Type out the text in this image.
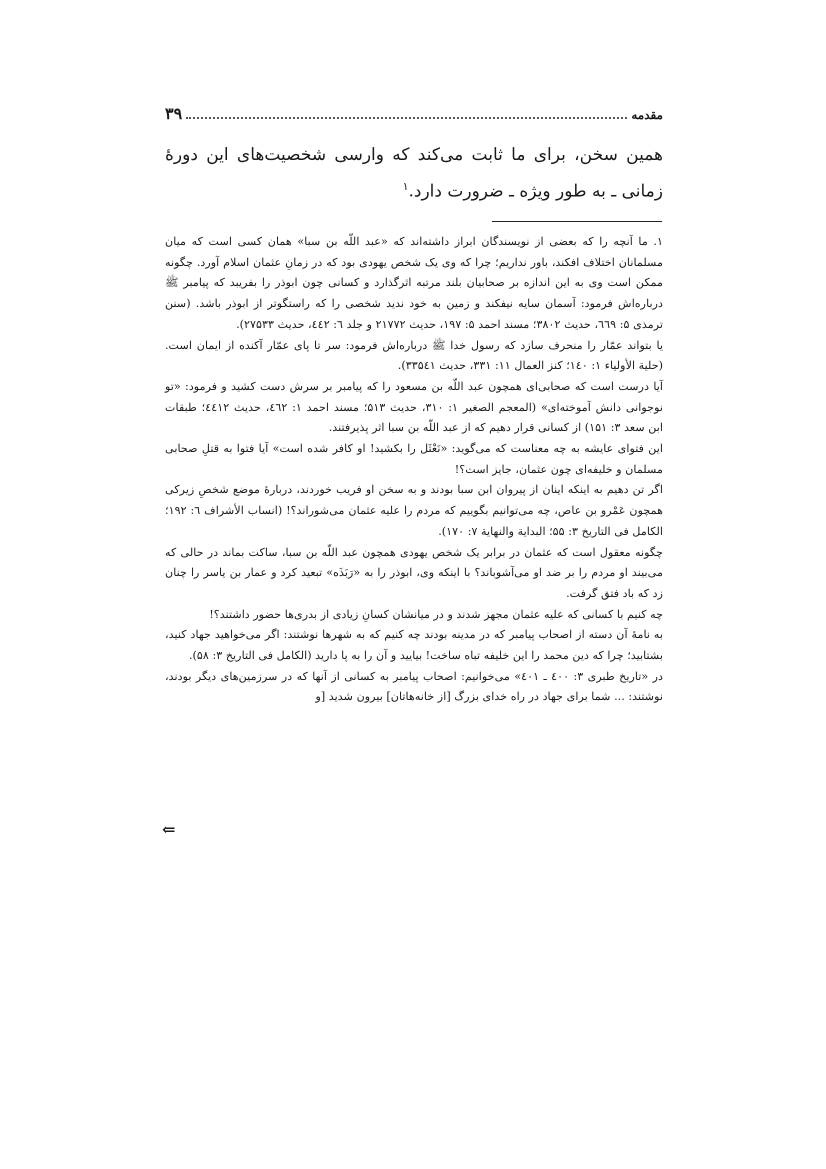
مقدمه
۳۹

همین سخن، برای ما ثابت می‌کند که وارسی شخصیت‌های این دورهٔ زمانی ـ به طور ویژه ـ ضرورت دارد.$^۱$

۱. ما آنچه را که بعضی از نویسندگان ابراز داشته‌اند که «عبد اللّه بن سبا» همان کسی است که میان مسلمانان اختلاف افکند، باور نداریم؛ چرا که وی یک شخص یهودی بود که در زمانِ عثمان اسلام آورد. چگونه ممکن است وی به این اندازه بر صحابیان بلند مرتبه اثرگذارد و کسانی چون ابوذر را بفریبد که پیامبر ﷺ درباره‌اش فرمود: آسمان سایه نیفکند و زمین به خود ندید شخصی را که راستگوتر از ابوذر باشد. (سنن ترمذی ۵: ٦٦٩، حدیث ۳۸۰۲؛ مسند احمد ۵: ۱۹۷، حدیث ۲۱۷۷۲ و جلد ٦: ٤٤۲، حدیث ۲۷۵۳۳).

یا بتواند عمّار را منحرف سازد که رسول خدا ﷺ درباره‌اش فرمود: سر تا پای عمّار آکنده از ایمان است. (حلیة الأولیاء ۱: ۱٤۰؛ کنز العمال ۱۱: ۳۳۱، حدیث ۳۳۵٤۱).

آیا درست است که صحابی‌ای همچون عبد اللّه بن مسعود را که پیامبر بر سرش دست کشید و فرمود: «تو نوجوانی دانش آموخته‌ای» (المعجم الصغیر ۱: ۳۱۰، حدیث ۵۱۳؛ مسند احمد ۱: ٤٦۲، حدیث ٤٤۱۲؛ طبقات ابن سعد ۳: ۱۵۱) از کسانی قرار دهیم که از عبد اللّه بن سبا اثر پذیرفتند.

این فتوای عایشه به چه معناست که می‌گوید: «نَعْثَل را بکشید! او کافر شده است» آیا فتوا به قتلِ صحابی مسلمان و خلیفه‌ای چون عثمان، جایز است؟!

اگر تن دهیم به اینکه اینان از پیروان ابن سبا بودند و به سخن او فریب خوردند، دربارهٔ موضع شخصِ زیرکی همچون عَمْرو بن عاص، چه می‌توانیم بگوییم که مردم را علیه عثمان می‌شوراند؟! (انساب الأشراف ٦: ۱۹۲؛ الکامل فی التاریخ ۳: ۵۵؛ البدایة والنهایة ۷: ۱۷۰).

چگونه معقول است که عثمان در برابر یک شخص یهودی همچون عبد اللّه بن سبا، ساکت بماند در حالی که می‌بیند او مردم را بر ضد او می‌آشوباند؟ با اینکه وی، ابوذر را به «رَبَذَه» تبعید کرد و عمار بن یاسر را چنان زد که باد فتق گرفت.

چه کنیم با کسانی که علیه عثمان مجهز شدند و در میانشان کسانِ زیادی از بدری‌ها حضور داشتند؟!

به نامهٔ آن دسته از اصحاب پیامبر که در مدینه بودند چه کنیم که به شهرها نوشتند: اگر می‌خواهید جهاد کنید، بشتابید؛ چرا که دین محمد را این خلیفه تباه ساخت! بیایید و آن را به پا دارید (الکامل فی التاریخ ۳: ۵۸).

در «تاریخ طبری ۳: ٤۰۰ ـ ٤۰۱» می‌خوانیم: اصحاب پیامبر به کسانی از آنها که در سرزمین‌های دیگر بودند، نوشتند: ... شما برای جهاد در راه خدای بزرگ [از خانه‌هاتان] بیرون شدید [و

⇐
